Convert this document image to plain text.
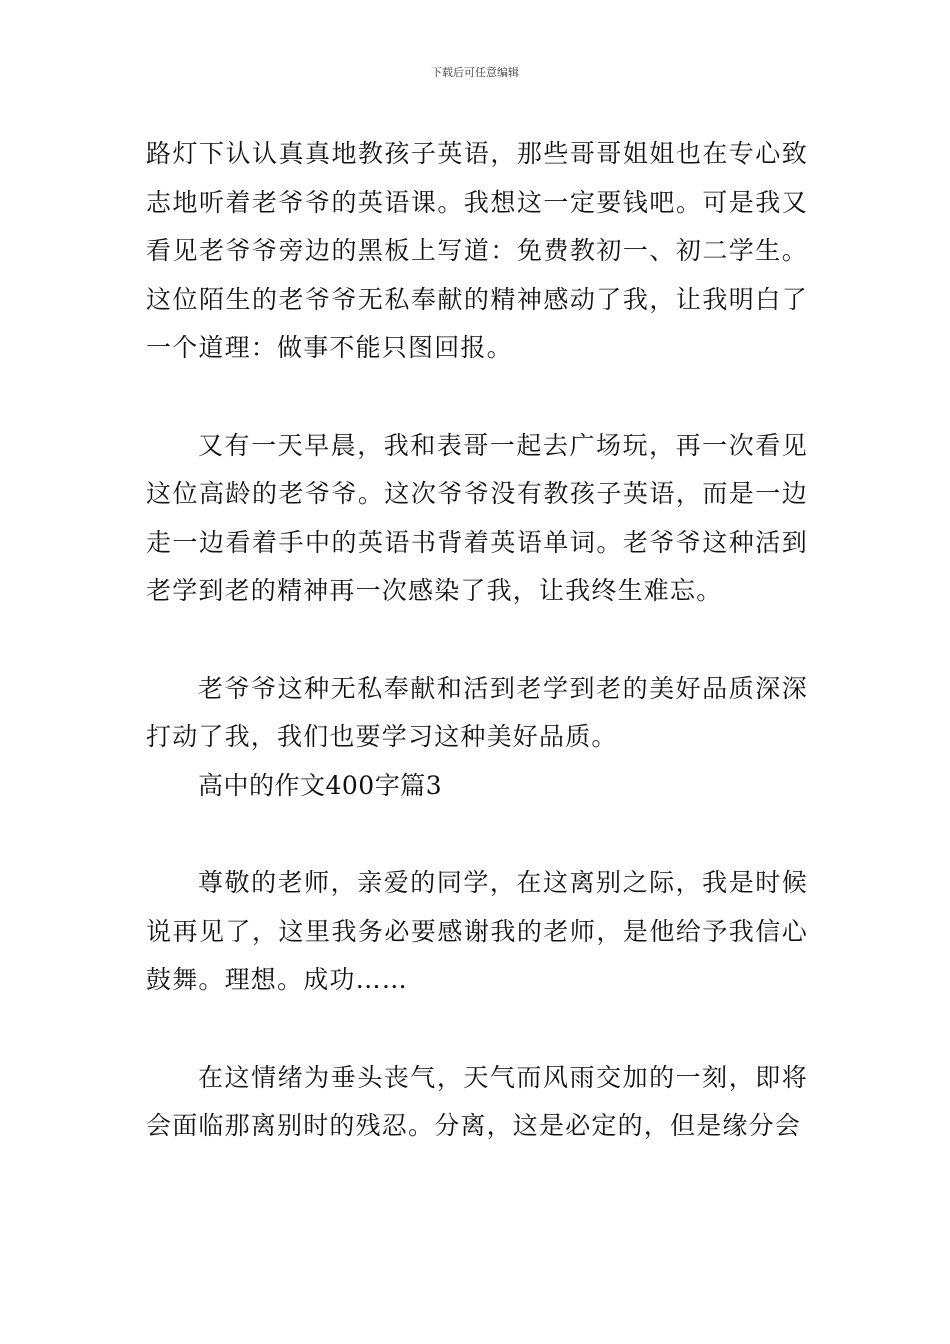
下载后可任意编辑

路灯下认认真真地教孩子英语，那些哥哥姐姐也在专心致志地听着老爷爷的英语课。我想这一定要钱吧。可是我又看见老爷爷旁边的黑板上写道：免费教初一、初二学生。这位陌生的老爷爷无私奉献的精神感动了我，让我明白了一个道理：做事不能只图回报。

又有一天早晨，我和表哥一起去广场玩，再一次看见这位高龄的老爷爷。这次爷爷没有教孩子英语，而是一边走一边看着手中的英语书背着英语单词。老爷爷这种活到老学到老的精神再一次感染了我，让我终生难忘。

老爷爷这种无私奉献和活到老学到老的美好品质深深打动了我，我们也要学习这种美好品质。

高中的作文400字篇3

尊敬的老师，亲爱的同学，在这离别之际，我是时候说再见了，这里我务必要感谢我的老师，是他给予我信心鼓舞。理想。成功……

在这情绪为垂头丧气，天气而风雨交加的一刻，即将会面临那离别时的残忍。分离，这是必定的，但是缘分会
